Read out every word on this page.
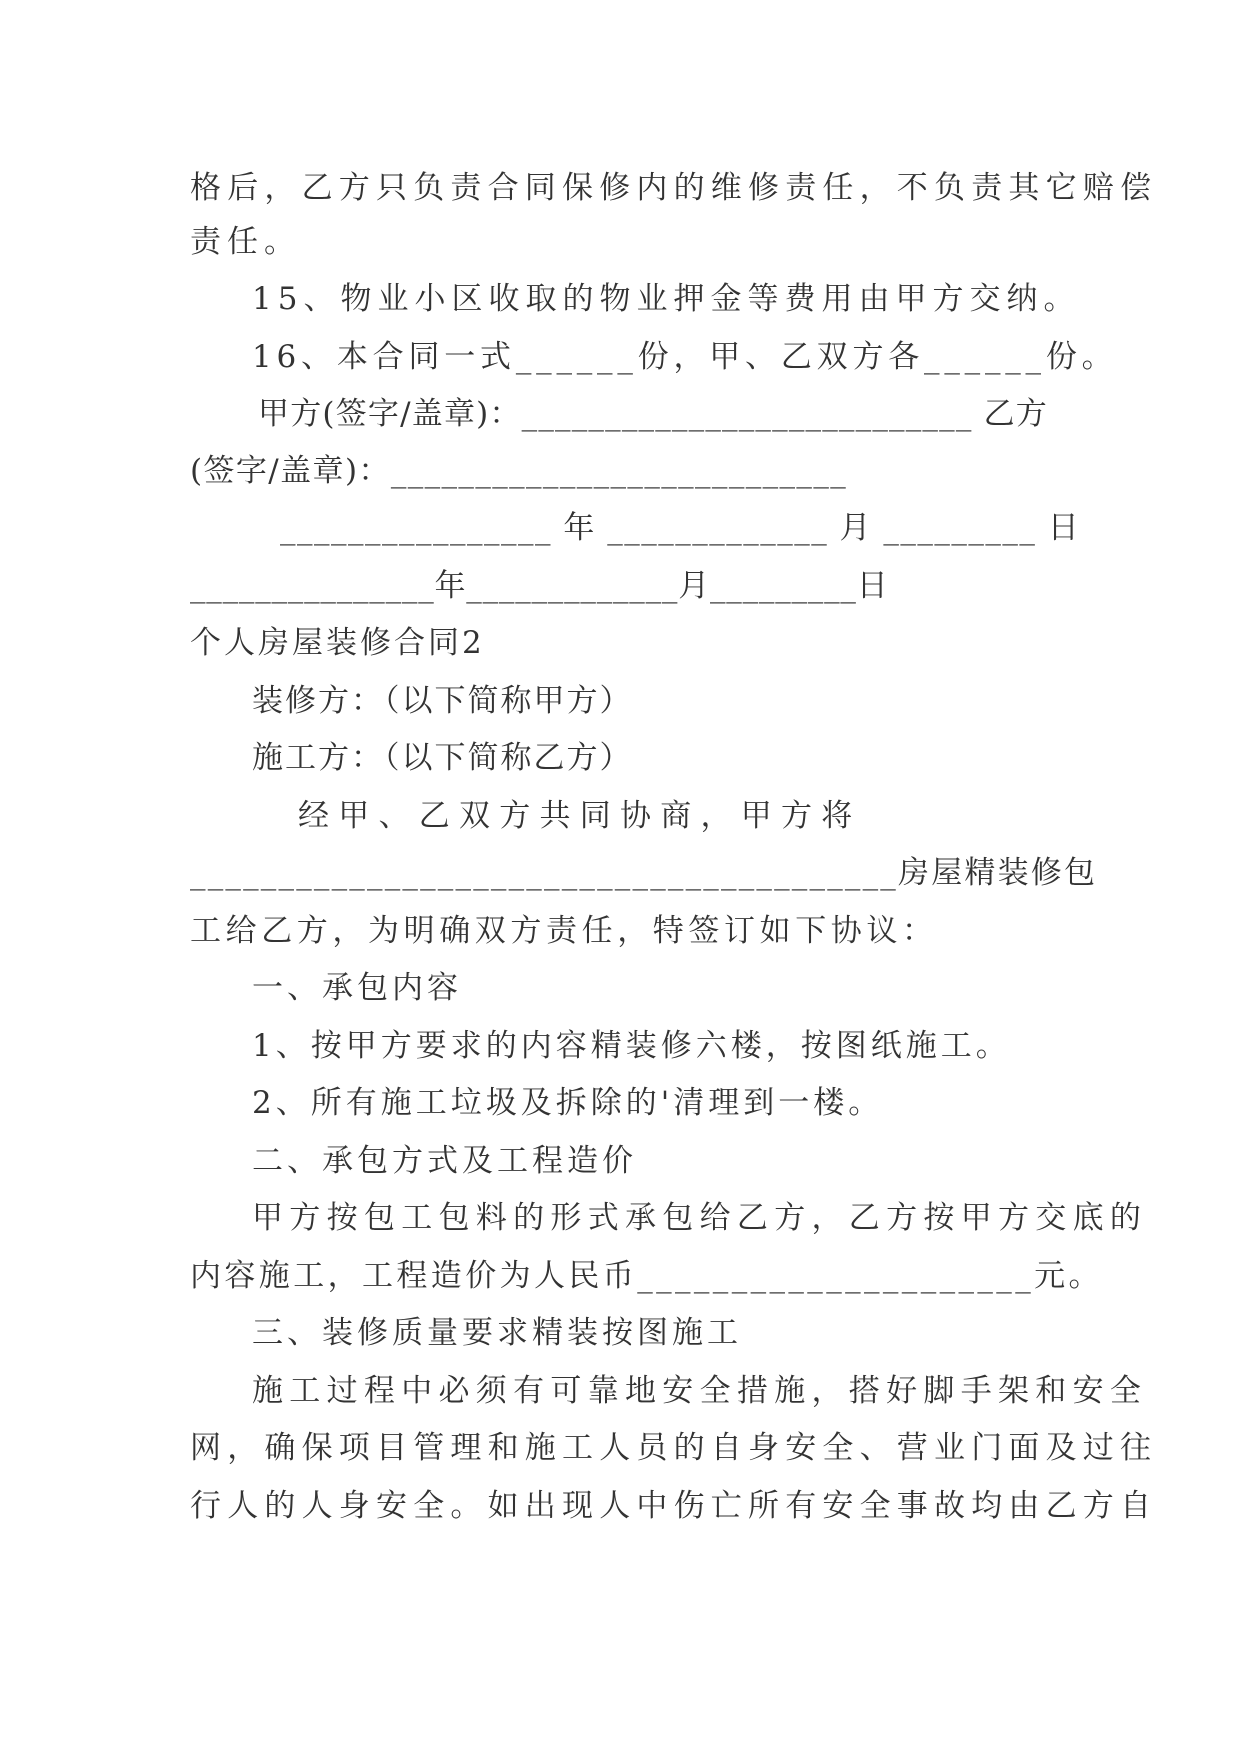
格后，乙方只负责合同保修内的维修责任，不负责其它赔偿
责任。
15、物业小区收取的物业押金等费用由甲方交纳。
16、本合同一式______份，甲、乙双方各______份。
甲方(签字/盖章)：___________________________ 乙方
(签字/盖章)：___________________________
________________ 年 _____________ 月 _________ 日
_______________年_____________月_________日
个人房屋装修合同2
装修方：（以下简称甲方）
施工方：（以下简称乙方）
经 甲 、 乙 双 方 共 同 协 商 ， 甲 方 将
________________________________________房屋精装修包
工给乙方，为明确双方责任，特签订如下协议：
一、承包内容
1、按甲方要求的内容精装修六楼，按图纸施工。
2、所有施工垃圾及拆除的'清理到一楼。
二、承包方式及工程造价
甲方按包工包料的形式承包给乙方，乙方按甲方交底的
内容施工，工程造价为人民币_____________________元。
三、装修质量要求精装按图施工
施工过程中必须有可靠地安全措施，搭好脚手架和安全
网，确保项目管理和施工人员的自身安全、营业门面及过往
行人的人身安全。如出现人中伤亡所有安全事故均由乙方自
